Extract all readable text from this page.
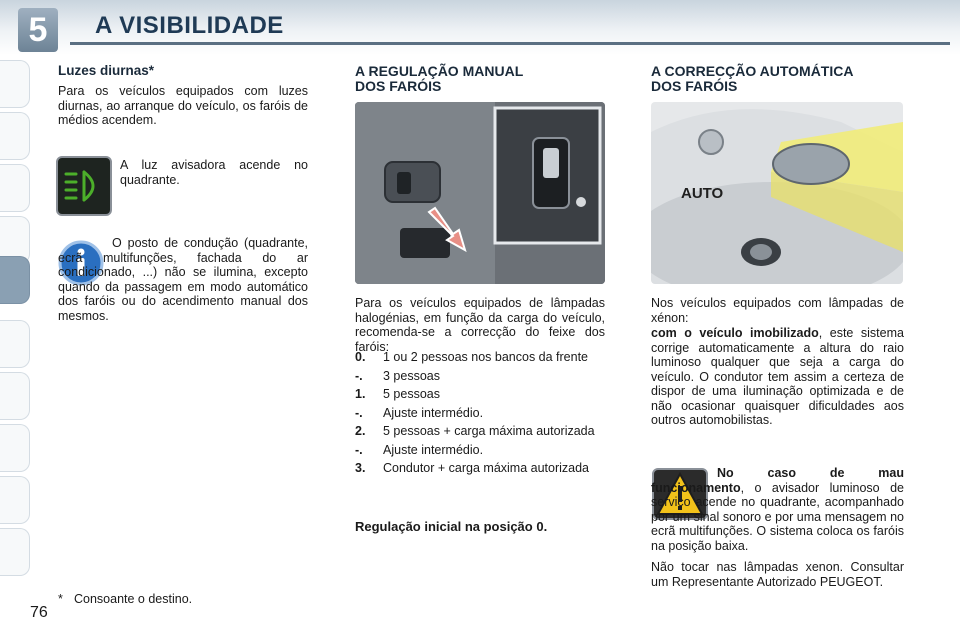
5	A VISIBILIDADE
Luzes diurnas*
Para os veículos equipados com luzes diurnas, ao arranque do veículo, os faróis de médios acendem.
A luz avisadora acende no quadrante.
O posto de condução (quadrante, ecrã multifunções, fachada do ar condicionado, ...) não se ilumina, excepto quando da passagem em modo automático dos faróis ou do acendimento manual dos mesmos.
* Consoante o destino.
76
A REGULAÇÃO MANUAL
DOS FARÓIS
Para os veículos equipados de lâmpadas halogénias, em função da carga do veículo, recomenda-se a correcção do feixe dos faróis:
0.	1 ou 2 pessoas nos bancos da frente
-.	3 pessoas
1.	5 pessoas
-.	Ajuste intermédio.
2.	5 pessoas + carga máxima autorizada
-.	Ajuste intermédio.
3.	Condutor + carga máxima autorizada
Regulação inicial na posição 0.
A CORRECÇÃO AUTOMÁTICA
DOS FARÓIS
AUTO
Nos veículos equipados com lâmpadas de xénon:
com o veículo imobilizado, este sistema corrige automaticamente a altura do raio luminoso qualquer que seja a carga do veículo. O condutor tem assim a certeza de dispor de uma iluminação optimizada e de não ocasionar quaisquer dificuldades aos outros automobilistas.
No caso de mau funcionamento, o avisador luminoso de serviço acende no quadrante, acompanhado por um sinal sonoro e por uma mensagem no ecrã multifunções. O sistema coloca os faróis na posição baixa.
Não tocar nas lâmpadas xenon. Consultar um Representante Autorizado PEUGEOT.
